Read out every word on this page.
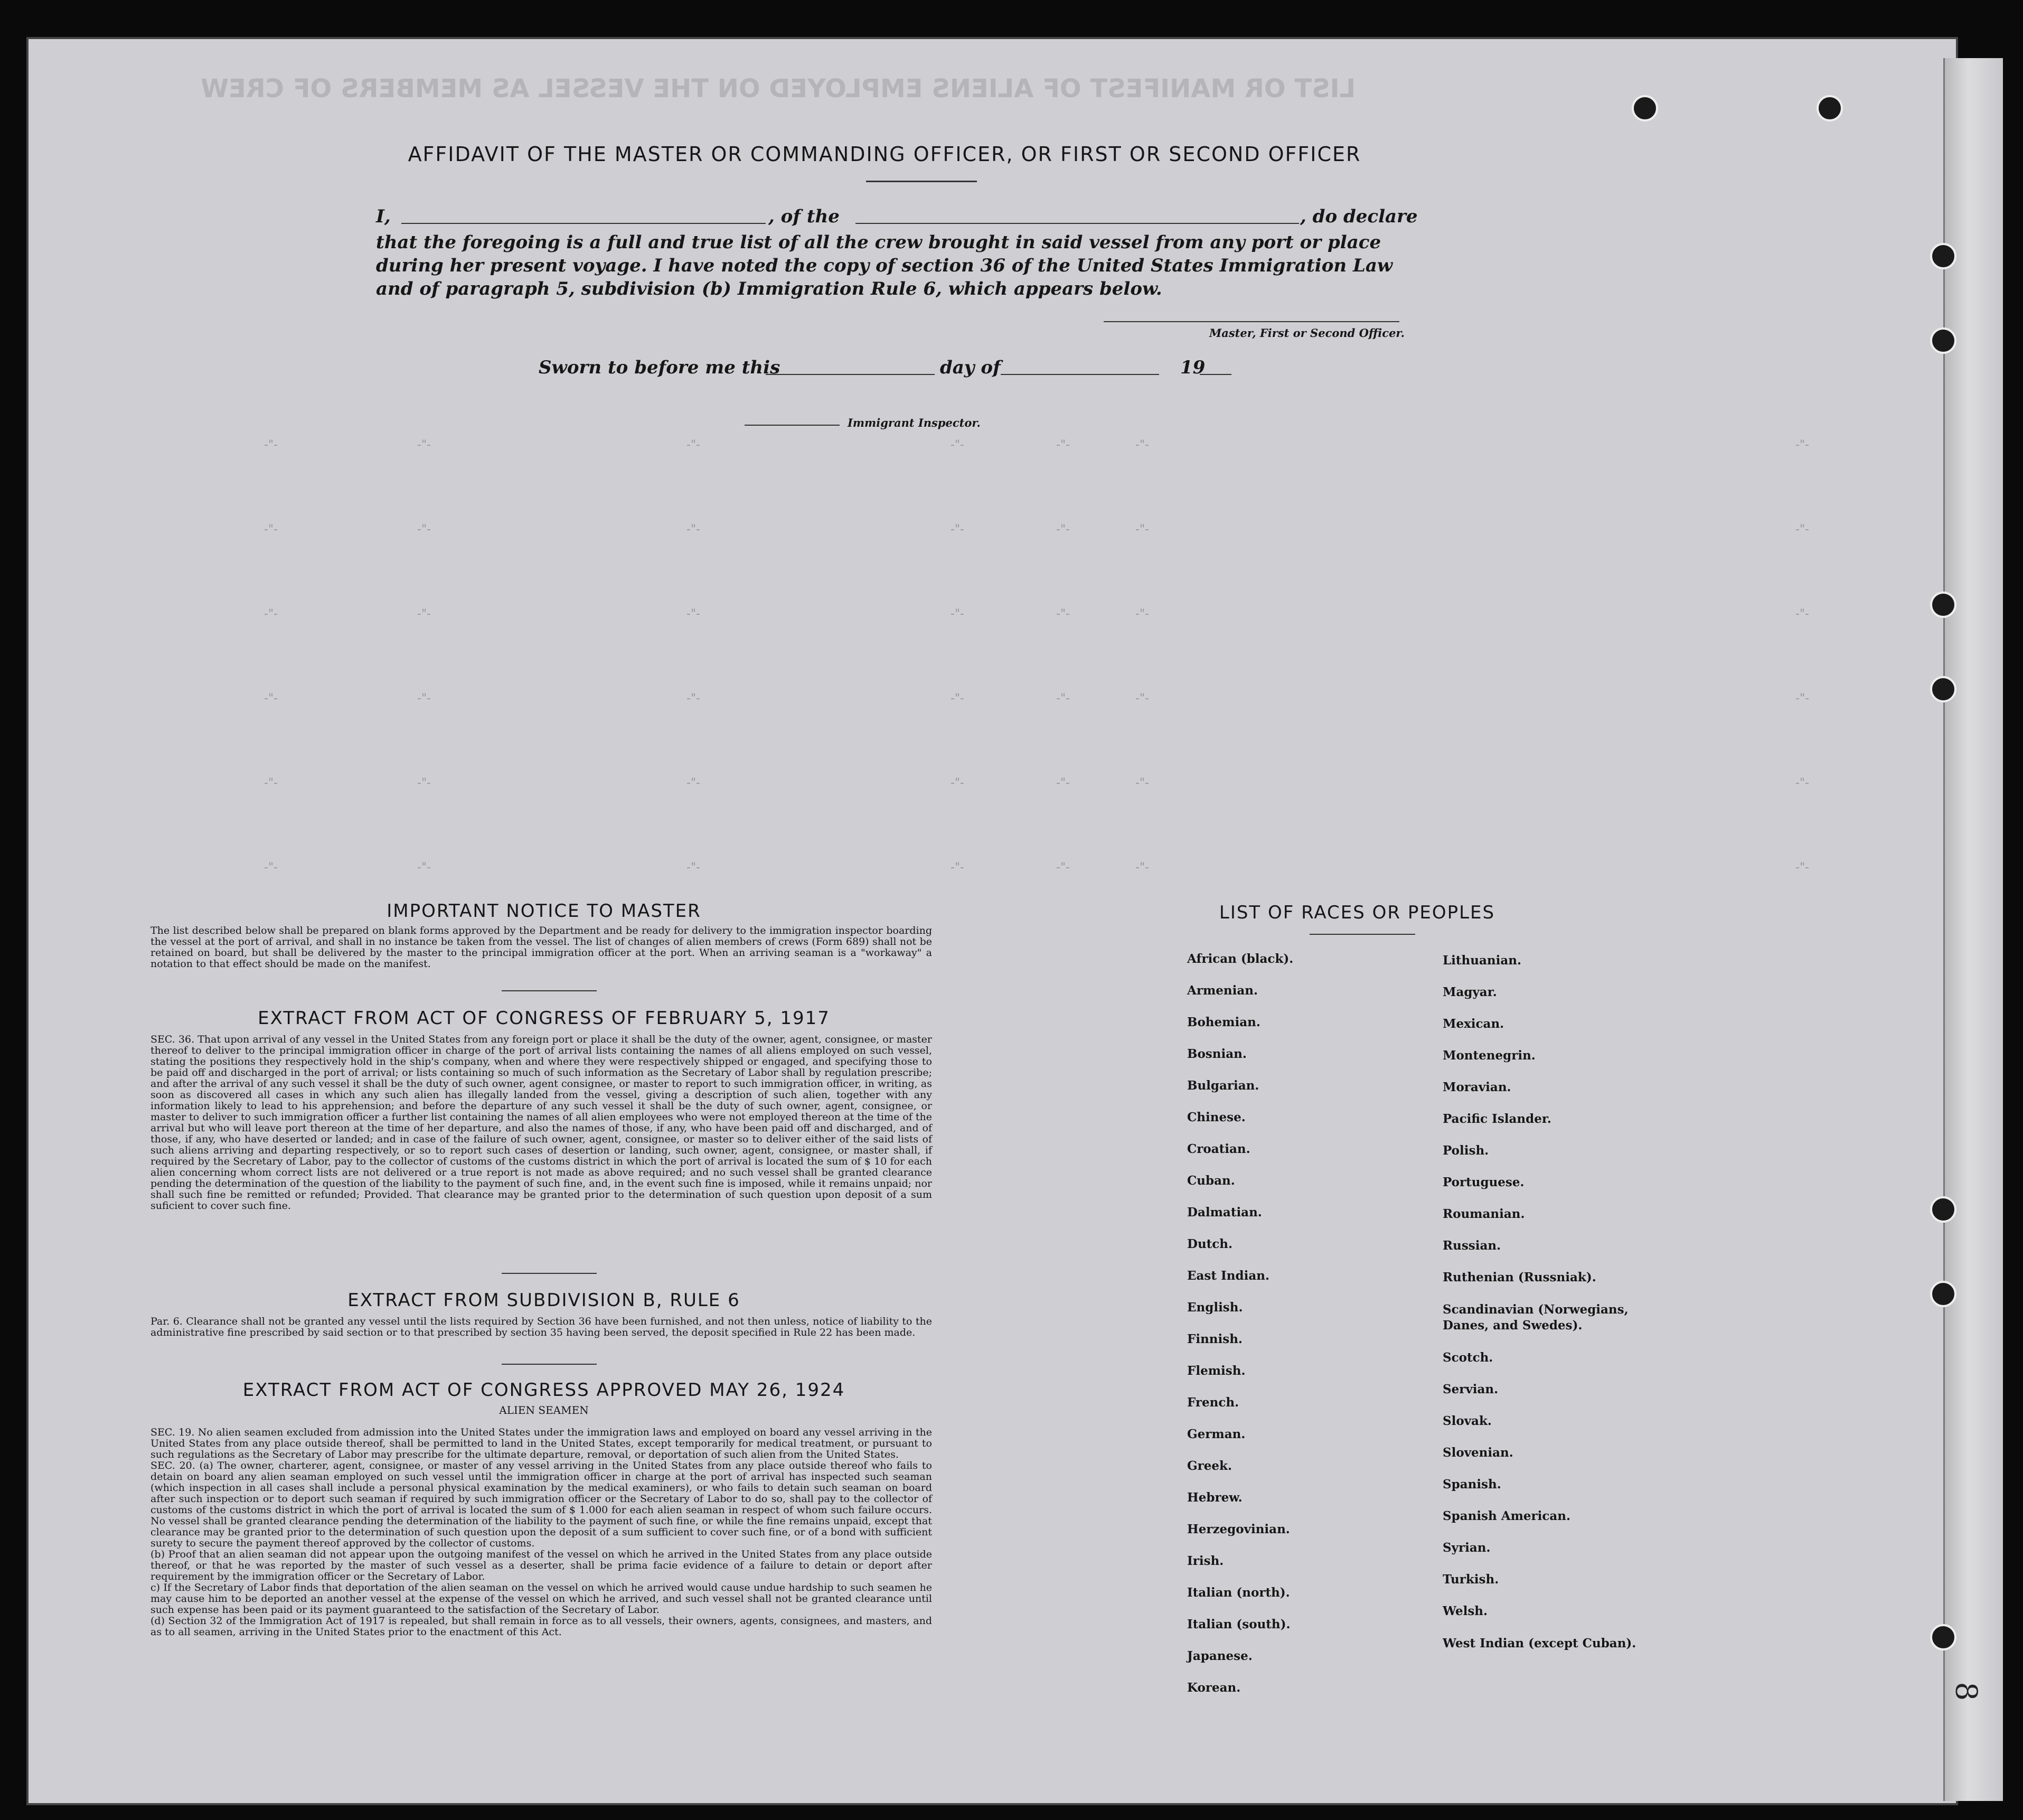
LIST OR MANIFEST OF ALIENS EMPLOYED ON THE VESSEL AS MEMBERS OF CREW
AFFIDAVIT OF THE MASTER OR COMMANDING OFFICER, OR FIRST OR SECOND OFFICER
I,	, of the	, do declare
that the foregoing is a full and true list of all the crew brought in said vessel from any port or place during her present voyage. I have noted the copy of section 36 of the United States Immigration Law and of paragraph 5, subdivision (b) Immigration Rule 6, which appears below.
Master, First or Second Officer.
Sworn to before me this	day of	19
Immigrant Inspector.
-"-	-"-	-"-	-"-	-"-	-"-	-"-
-"-	-"-	-"-	-"-	-"-	-"-	-"-
-"-	-"-	-"-	-"-	-"-	-"-	-"-
-"-	-"-	-"-	-"-	-"-	-"-	-"-
-"-	-"-	-"-	-"-	-"-	-"-	-"-
-"-	-"-	-"-	-"-	-"-	-"-	-"-
IMPORTANT NOTICE TO MASTER
The list described below shall be prepared on blank forms approved by the Department and be ready for delivery to the immigration inspector boarding the vessel at the port of arrival, and shall in no instance be taken from the vessel. The list of changes of alien members of crews (Form 689) shall not be retained on board, but shall be delivered by the master to the principal immigration officer at the port. When an arriving seaman is a "workaway" a notation to that effect should be made on the manifest.
EXTRACT FROM ACT OF CONGRESS OF FEBRUARY 5, 1917
SEC. 36. That upon arrival of any vessel in the United States from any foreign port or place it shall be the duty of the owner, agent, consignee, or master thereof to deliver to the principal immigration officer in charge of the port of arrival lists containing the names of all aliens employed on such vessel, stating the positions they respectively hold in the ship's company, when and where they were respectively shipped or engaged, and specifying those to be paid off and discharged in the port of arrival; or lists containing so much of such information as the Secretary of Labor shall by regulation prescribe; and after the arrival of any such vessel it shall be the duty of such owner, agent consignee, or master to report to such immigration officer, in writing, as soon as discovered all cases in which any such alien has illegally landed from the vessel, giving a description of such alien, together with any information likely to lead to his apprehension; and before the departure of any such vessel it shall be the duty of such owner, agent, consignee, or master to deliver to such immigration officer a further list containing the names of all alien employees who were not employed thereon at the time of the arrival but who will leave port thereon at the time of her departure, and also the names of those, if any, who have been paid off and discharged, and of those, if any, who have deserted or landed; and in case of the failure of such owner, agent, consignee, or master so to deliver either of the said lists of such aliens arriving and departing respectively, or so to report such cases of desertion or landing, such owner, agent, consignee, or master shall, if required by the Secretary of Labor, pay to the collector of customs of the customs district in which the port of arrival is located the sum of $ 10 for each alien concerning whom correct lists are not delivered or a true report is not made as above required; and no such vessel shall be granted clearance pending the determination of the question of the liability to the payment of such fine, and, in the event such fine is imposed, while it remains unpaid; nor shall such fine be remitted or refunded; Provided. That clearance may be granted prior to the determination of such question upon deposit of a sum suficient to cover such fine.
EXTRACT FROM SUBDIVISION B, RULE 6
Par. 6. Clearance shall not be granted any vessel until the lists required by Section 36 have been furnished, and not then unless, notice of liability to the administrative fine prescribed by said section or to that prescribed by section 35 having been served, the deposit specified in Rule 22 has been made.
EXTRACT FROM ACT OF CONGRESS APPROVED MAY 26, 1924
ALIEN SEAMEN

SEC. 19. No alien seamen excluded from admission into the United States under the immigration laws and employed on board any vessel arriving in the United States from any place outside thereof, shall be permitted to land in the United States, except temporarily for medical treatment, or pursuant to such regulations as the Secretary of Labor may prescribe for the ultimate departure, removal, or deportation of such alien from the United States.

SEC. 20. (a) The owner, charterer, agent, consignee, or master of any vessel arriving in the United States from any place outside thereof who fails to detain on board any alien seaman employed on such vessel until the immigration officer in charge at the port of arrival has inspected such seaman (which inspection in all cases shall include a personal physical examination by the medical examiners), or who fails to detain such seaman on board after such inspection or to deport such seaman if required by such immigration officer or the Secretary of Labor to do so, shall pay to the collector of customs of the customs district in which the port of arrival is located the sum of $ 1.000 for each alien seaman in respect of whom such failure occurs. No vessel shall be granted clearance pending the determination of the liability to the payment of such fine, or while the fine remains unpaid, except that clearance may be granted prior to the determination of such question upon the deposit of a sum sufficient to cover such fine, or of a bond with sufficient surety to secure the payment thereof approved by the collector of customs.

(b) Proof that an alien seaman did not appear upon the outgoing manifest of the vessel on which he arrived in the United States from any place outside thereof, or that he was reported by the master of such vessel as a deserter, shall be prima facie evidence of a failure to detain or deport after requirement by the immigration officer or the Secretary of Labor.

c) If the Secretary of Labor finds that deportation of the alien seaman on the vessel on which he arrived would cause undue hardship to such seamen he may cause him to be deported an another vessel at the expense of the vessel on which he arrived, and such vessel shall not be granted clearance until such expense has been paid or its payment guaranteed to the satisfaction of the Secretary of Labor.

(d) Section 32 of the Immigration Act of 1917 is repealed, but shall remain in force as to all vessels, their owners, agents, consignees, and masters, and as to all seamen, arriving in the United States prior to the enactment of this Act.

LIST OF RACES OR PEOPLES
African (black).
Armenian.
Bohemian.
Bosnian.
Bulgarian.
Chinese.
Croatian.
Cuban.
Dalmatian.
Dutch.
East Indian.
English.
Finnish.
Flemish.
French.
German.
Greek.
Hebrew.
Herzegovinian.
Irish.
Italian (north).
Italian (south).
Japanese.
Korean.
Lithuanian.
Magyar.
Mexican.
Montenegrin.
Moravian.
Pacific Islander.
Polish.
Portuguese.
Roumanian.
Russian.
Ruthenian (Russniak).
Scandinavian (Norwegians, Danes, and Swedes).
Scotch.
Servian.
Slovak.
Slovenian.
Spanish.
Spanish American.
Syrian.
Turkish.
Welsh.
West Indian (except Cuban).
8
